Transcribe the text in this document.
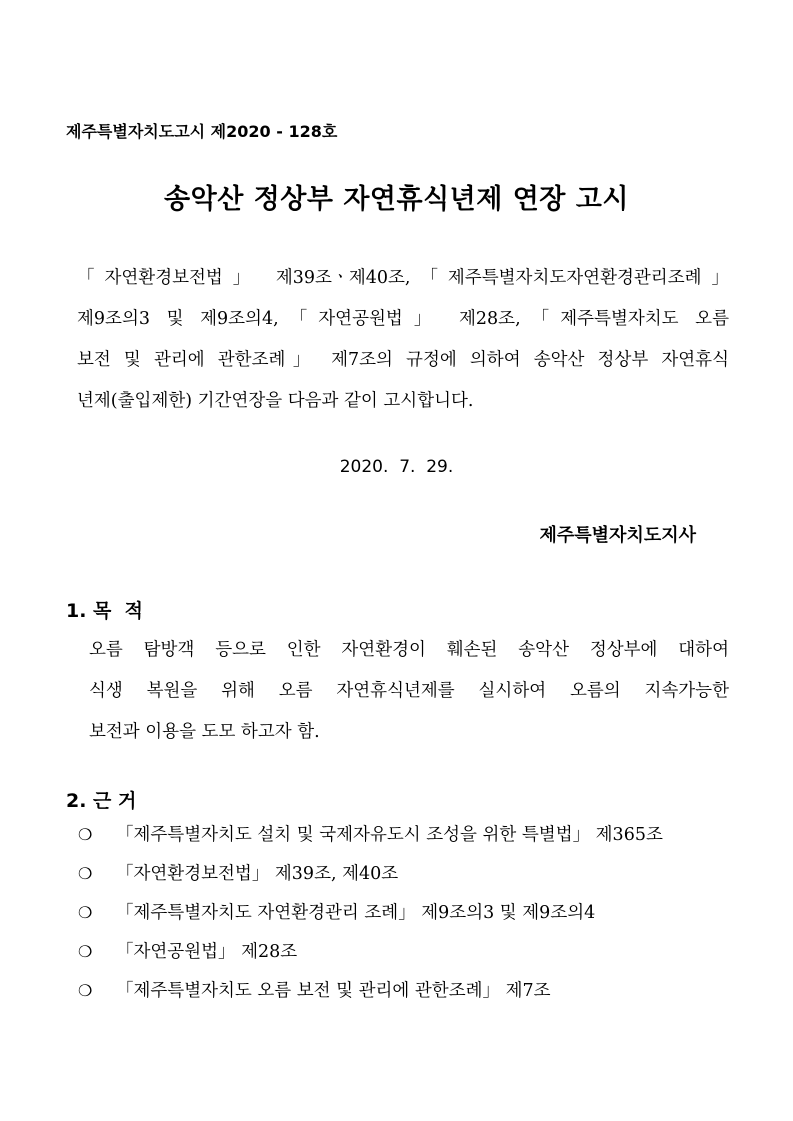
제주특별자치도고시 제2020 - 128호
송악산 정상부 자연휴식년제 연장 고시
「자연환경보전법」 제39조ㆍ제40조,「제주특별자치도자연환경관리조례」
제9조의3 및 제9조의4,「자연공원법」 제28조,「제주특별자치도 오름
보전 및 관리에 관한조례」 제7조의 규정에 의하여 송악산 정상부 자연휴식
년제(출입제한) 기간연장을 다음과 같이 고시합니다.
2020.  7.  29.
제주특별자치도지사
1. 목  적
오름 탐방객 등으로 인한 자연환경이 훼손된 송악산 정상부에 대하여
식생 복원을 위해 오름 자연휴식년제를 실시하여 오름의 지속가능한
보전과 이용을 도모 하고자 함.
2. 근 거
❍ 「제주특별자치도 설치 및 국제자유도시 조성을 위한 특별법」 제365조
❍ 「자연환경보전법」 제39조, 제40조
❍ 「제주특별자치도 자연환경관리 조례」 제9조의3 및 제9조의4
❍ 「자연공원법」 제28조
❍ 「제주특별자치도 오름 보전 및 관리에 관한조례」 제7조
